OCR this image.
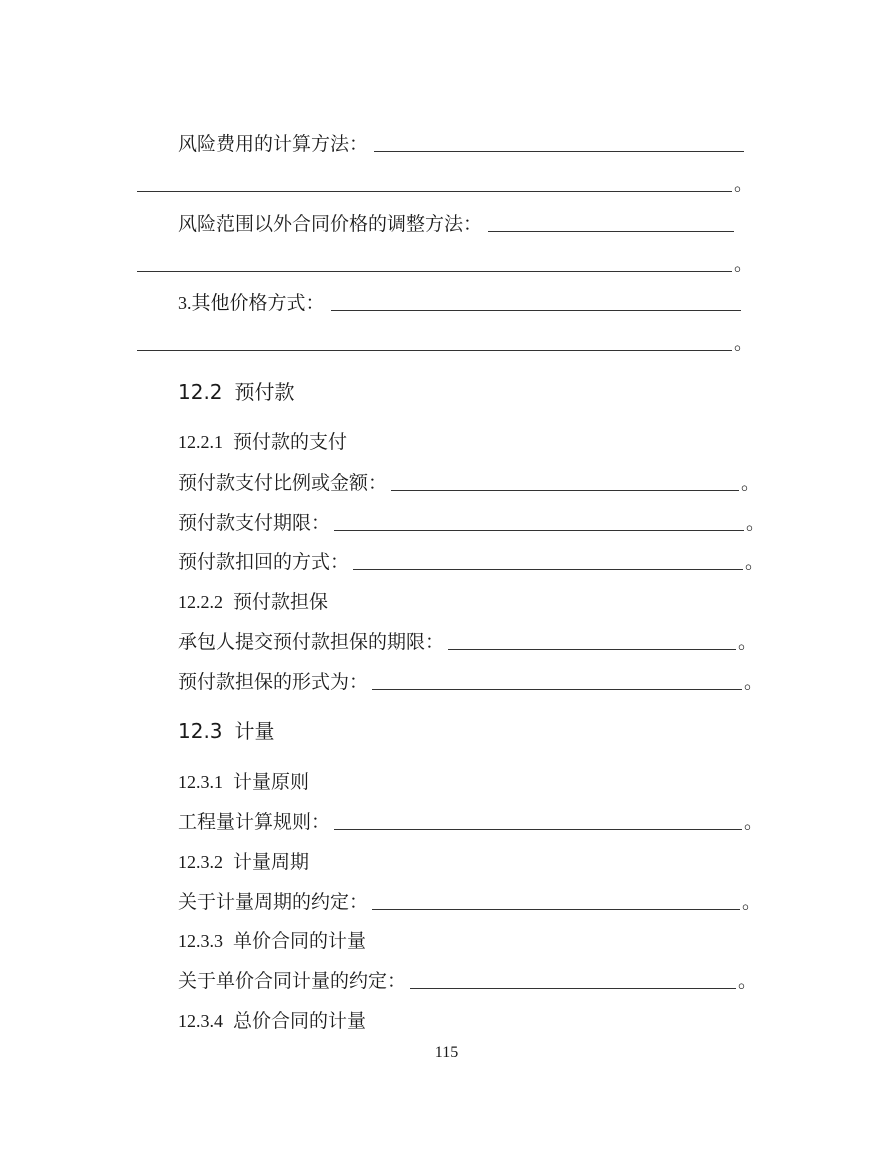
风险费用的计算方法：
。
风险范围以外合同价格的调整方法：
。
3. 其他价格方式：
。
12.2 预付款
12.2.1 预付款的支付
预付款支付比例或金额：	。
预付款支付期限：	。
预付款扣回的方式：	。
12.2.2 预付款担保
承包人提交预付款担保的期限：	。
预付款担保的形式为：	。
12.3 计量
12.3.1 计量原则
工程量计算规则：	。
12.3.2 计量周期
关于计量周期的约定：	。
12.3.3 单价合同的计量
关于单价合同计量的约定：	。
12.3.4 总价合同的计量
115
